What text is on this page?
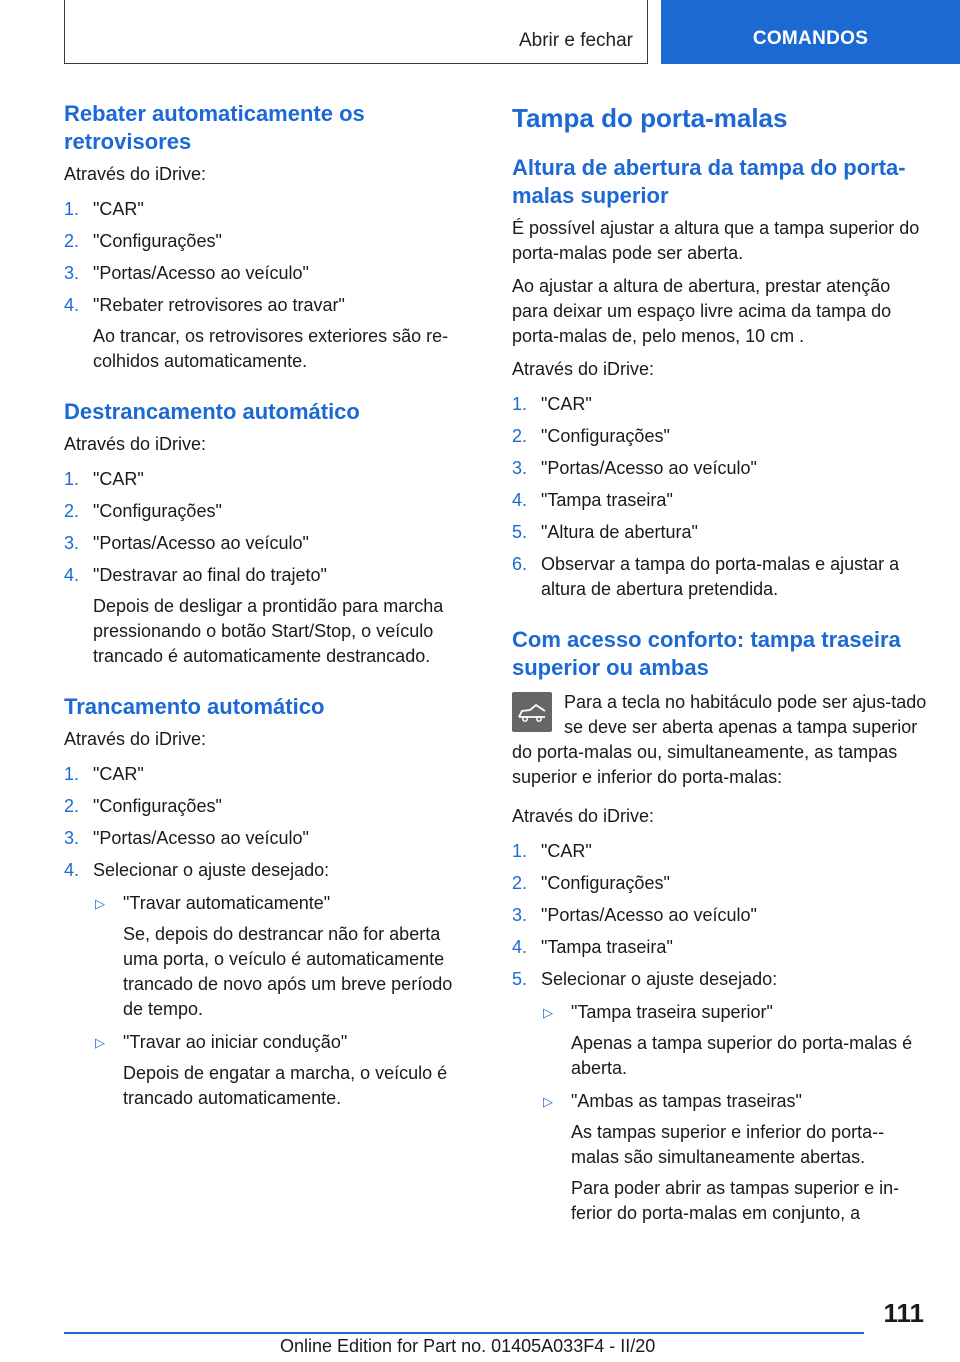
Abrir e fechar	COMANDOS
Rebater automaticamente os retrovisores

Através do iDrive:

1. "CAR"
2. "Configurações"
3. "Portas/Acesso ao veículo"
4. "Rebater retrovisores ao travar"
Ao trancar, os retrovisores exteriores são re‐colhidos automaticamente.
Destrancamento automático

Através do iDrive:

1. "CAR"
2. "Configurações"
3. "Portas/Acesso ao veículo"
4. "Destravar ao final do trajeto"
Depois de desligar a prontidão para marcha pressionando o botão Start/Stop, o veículo trancado é automaticamente destrancado.
Trancamento automático

Através do iDrive:

1. "CAR"
2. "Configurações"
3. "Portas/Acesso ao veículo"
4. Selecionar o ajuste desejado:
▷ "Travar automaticamente"
Se, depois do destrancar não for aberta uma porta, o veículo é automaticamente trancado de novo após um breve período de tempo.
▷ "Travar ao iniciar condução"
Depois de engatar a marcha, o veículo é trancado automaticamente.
Tampa do porta-malas
Altura de abertura da tampa do porta-malas superior

É possível ajustar a altura que a tampa superior do porta-malas pode ser aberta.

Ao ajustar a altura de abertura, prestar atenção para deixar um espaço livre acima da tampa do porta-malas de, pelo menos, 10 cm .

Através do iDrive:

1. "CAR"
2. "Configurações"
3. "Portas/Acesso ao veículo"
4. "Tampa traseira"
5. "Altura de abertura"
6. Observar a tampa do porta-malas e ajustar a altura de abertura pretendida.
Com acesso conforto: tampa traseira superior ou ambas
Para a tecla no habitáculo pode ser ajus‐tado se deve ser aberta apenas a tampa superior do porta-malas ou, simultaneamente, as tampas superior e inferior do porta-malas:

Através do iDrive:

1. "CAR"
2. "Configurações"
3. "Portas/Acesso ao veículo"
4. "Tampa traseira"
5. Selecionar o ajuste desejado:
▷ "Tampa traseira superior"
Apenas a tampa superior do porta-malas é aberta.
▷ "Ambas as tampas traseiras"
As tampas superior e inferior do porta‐-malas são simultaneamente abertas.
Para poder abrir as tampas superior e in‐ferior do porta-malas em conjunto, a
111
Online Edition for Part no. 01405A033F4 - II/20
